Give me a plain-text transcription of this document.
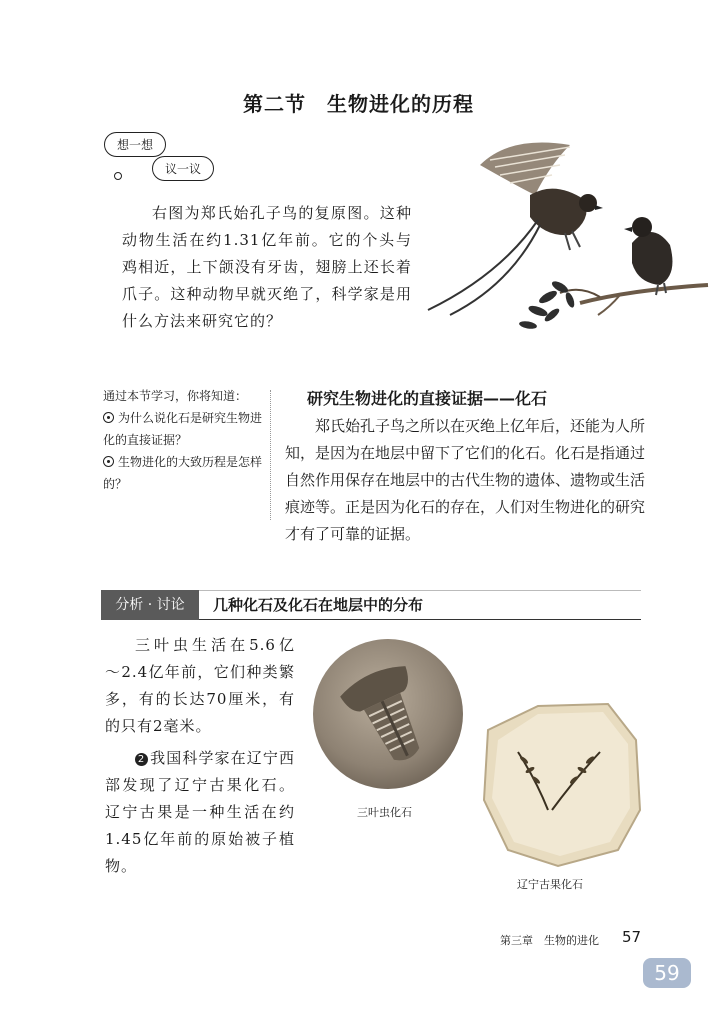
第二节　生物进化的历程
想一想
议一议
右图为郑氏始孔子鸟的复原图。这种动物生活在约1.31亿年前。它的个头与鸡相近，上下颌没有牙齿，翅膀上还长着爪子。这种动物早就灭绝了，科学家是用什么方法来研究它的？
通过本节学习，你将知道：
为什么说化石是研究生物进化的直接证据？
生物进化的大致历程是怎样的？
研究生物进化的直接证据——化石
郑氏始孔子鸟之所以在灭绝上亿年后，还能为人所知，是因为在地层中留下了它们的化石。化石是指通过自然作用保存在地层中的古代生物的遗体、遗物或生活痕迹等。正是因为化石的存在，人们对生物进化的研究才有了可靠的证据。
分析 · 讨论	几种化石及化石在地层中的分布
三叶虫生活在5.6亿 ～2.4亿年前，它们种类繁多，有的长达70厘米，有的只有2毫米。
2 我国科学家在辽宁西部发现了辽宁古果化石。辽宁古果是一种生活在约1.45亿年前的原始被子植物。
三叶虫化石
辽宁古果化石
第三章　生物的进化 57
59
